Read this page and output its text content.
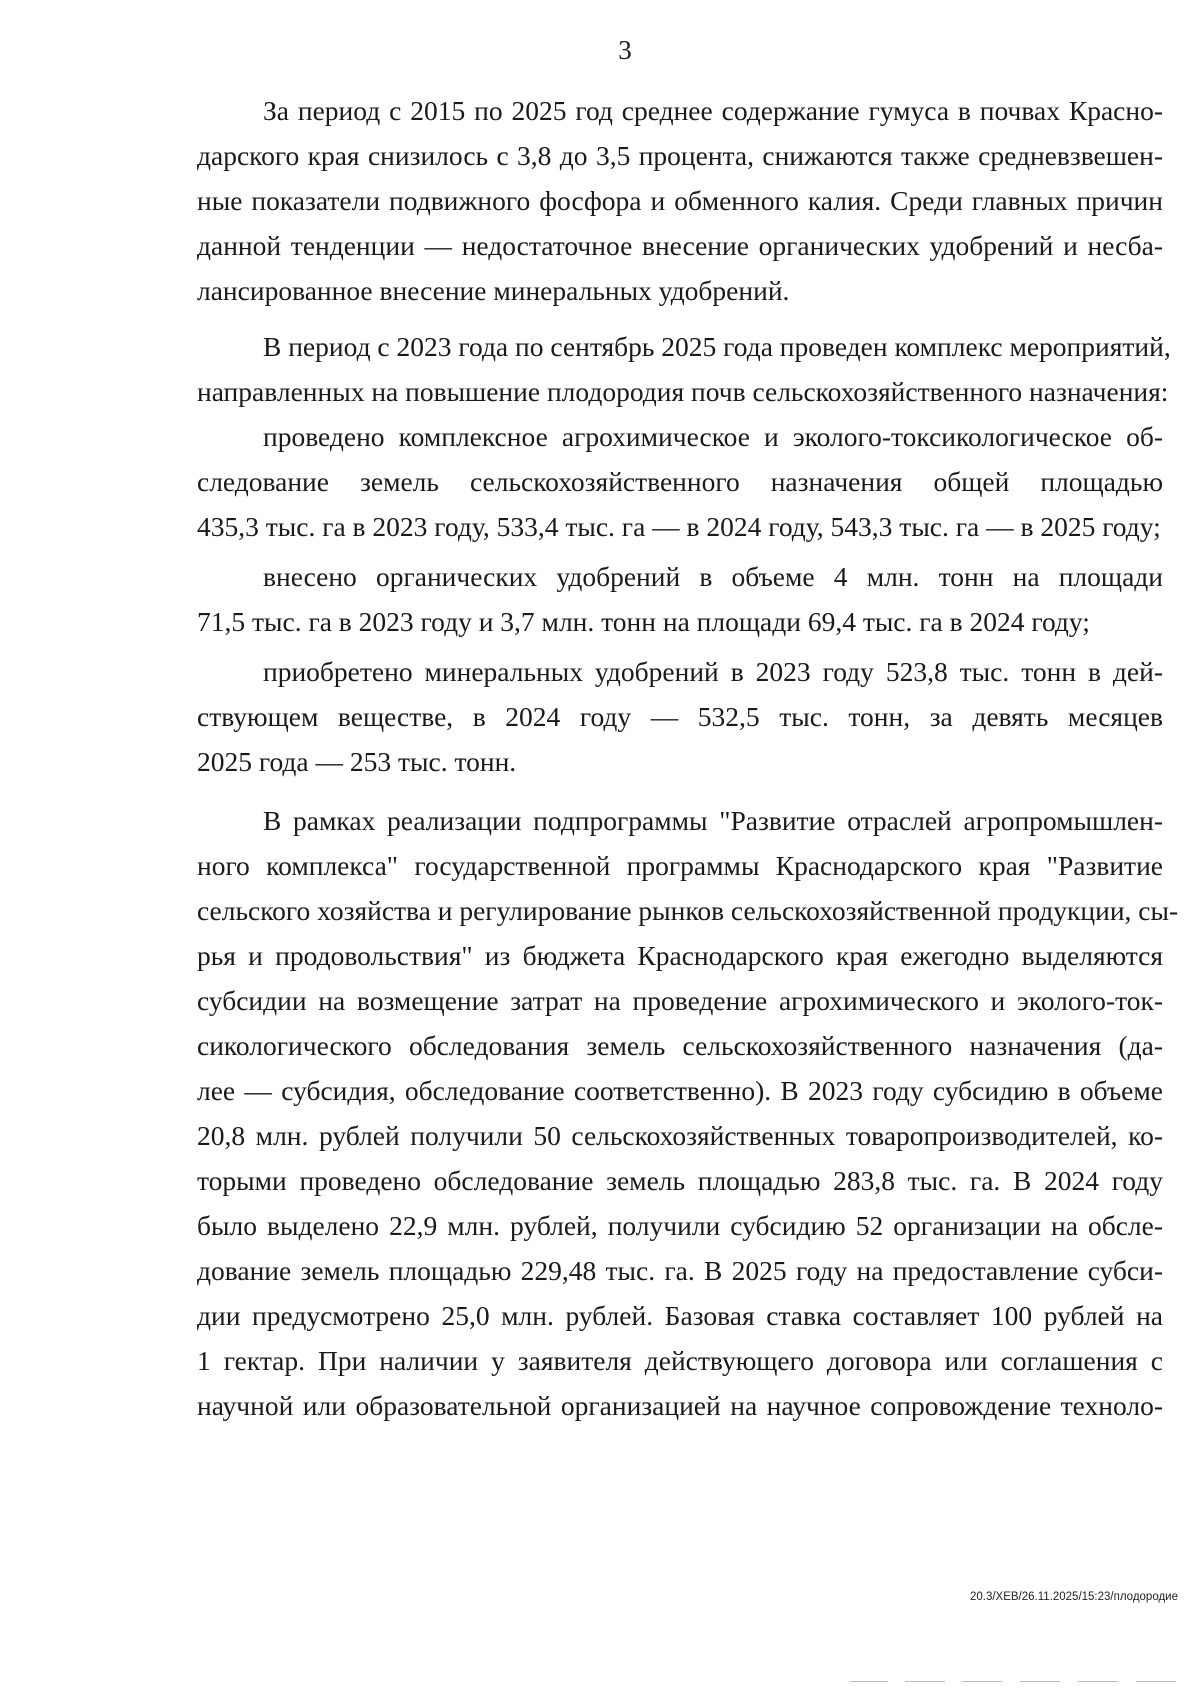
3
За период с 2015 по 2025 год среднее содержание гумуса в почвах Красно-
дарского края снизилось с 3,8 до 3,5 процента, снижаются также средневзвешен-
ные показатели подвижного фосфора и обменного калия. Среди главных причин
данной тенденции — недостаточное внесение органических удобрений и несба-
лансированное внесение минеральных удобрений.
В период с 2023 года по сентябрь 2025 года проведен комплекс мероприятий,
направленных на повышение плодородия почв сельскохозяйственного назначения:
проведено комплексное агрохимическое и эколого-токсикологическое об-
следование земель сельскохозяйственного назначения общей площадью
435,3 тыс. га в 2023 году, 533,4 тыс. га — в 2024 году, 543,3 тыс. га — в 2025 году;
внесено органических удобрений в объеме 4 млн. тонн на площади
71,5 тыс. га в 2023 году и 3,7 млн. тонн на площади 69,4 тыс. га в 2024 году;
приобретено минеральных удобрений в 2023 году 523,8 тыс. тонн в дей-
ствующем веществе, в 2024 году — 532,5 тыс. тонн, за девять месяцев
2025 года — 253 тыс. тонн.
В рамках реализации подпрограммы "Развитие отраслей агропромышлен-
ного комплекса" государственной программы Краснодарского края "Развитие
сельского хозяйства и регулирование рынков сельскохозяйственной продукции, сы-
рья и продовольствия" из бюджета Краснодарского края ежегодно выделяются
субсидии на возмещение затрат на проведение агрохимического и эколого-ток-
сикологического обследования земель сельскохозяйственного назначения (да-
лее — субсидия, обследование соответственно). В 2023 году субсидию в объеме
20,8 млн. рублей получили 50 сельскохозяйственных товаропроизводителей, ко-
торыми проведено обследование земель площадью 283,8 тыс. га. В 2024 году
было выделено 22,9 млн. рублей, получили субсидию 52 организации на обсле-
дование земель площадью 229,48 тыс. га. В 2025 году на предоставление субси-
дии предусмотрено 25,0 млн. рублей. Базовая ставка составляет 100 рублей на
1 гектар. При наличии у заявителя действующего договора или соглашения с
научной или образовательной организацией на научное сопровождение техноло-
20.3/ХЕВ/26.11.2025/15:23/плодородие
